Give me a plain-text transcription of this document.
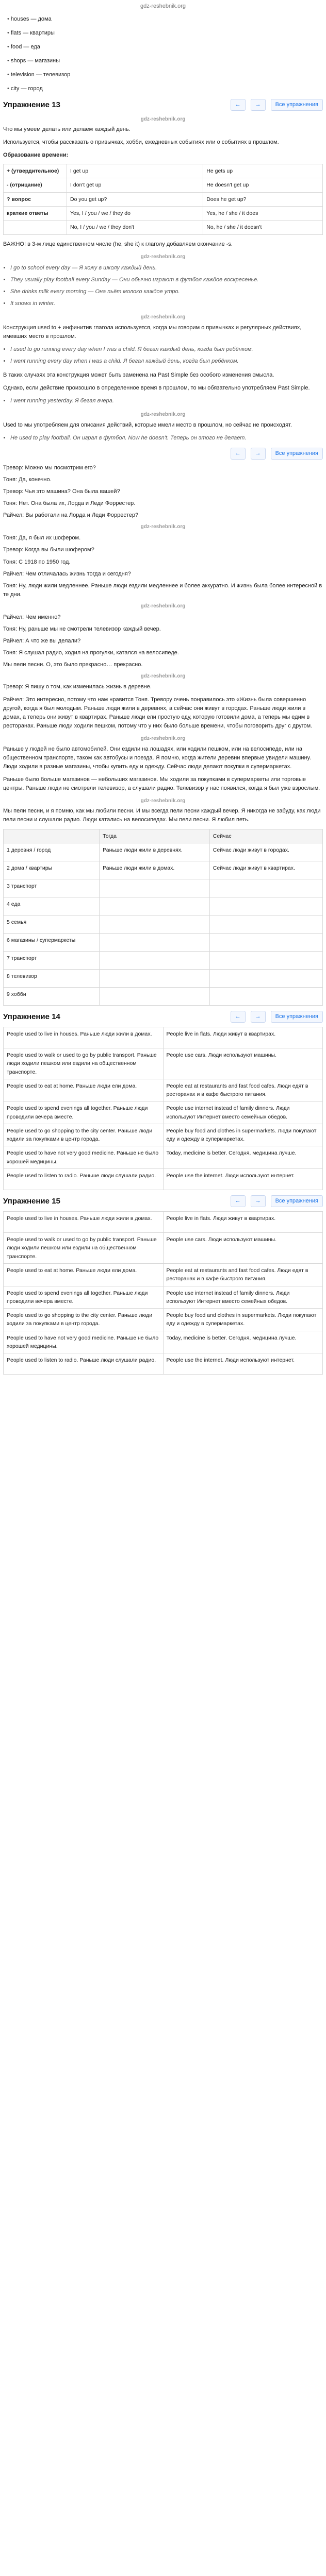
gdz-reshebnik.org
• houses — дома
• flats — квартиры
• food — еда
• shops — магазины
• television — телевизор
• city — город
Упражнение 13	←	→	Все упражнения
gdz-reshebnik.org

Что мы умеем делать или делаем каждый день.

Используется, чтобы рассказать о привычках, хобби, ежедневных событиях или о событиях в прошлом.

Образование времени:

+ (утвердительное)	I get up	He gets up
- (отрицание)	I don't get up	He doesn't get up
? вопрос	Do you get up?	Does he get up?
краткие ответы	Yes, I / you / we / they do	Yes, he / she / it does
	No, I / you / we / they don't	No, he / she / it doesn't

ВАЖНО! в 3-м лице единственном числе (he, she it) к глаголу добавляем окончание -s.

gdz-reshebnik.org
• I go to school every day — Я хожу в школу каждый день.
• They usually play football every Sunday — Они обычно играют в футбол каждое воскресенье.
• She drinks milk every morning — Она пьёт молоко каждое утро.
• It snows in winter.
gdz-reshebnik.org

Конструкция used to + инфинитив глагола используется, когда мы говорим о привычках и регулярных действиях, имевших место в прошлом.

• I used to go running every day when I was a child. Я бегал каждый день, когда был ребёнком.
• I went running every day when I was a child. Я бегал каждый день, когда был ребёнком.

В таких случаях эта конструкция может быть заменена на Past Simple без особого изменения смысла.

Однако, если действие произошло в определенное время в прошлом, то мы обязательно употребляем Past Simple.

• I went running yesterday. Я бегал вчера.
gdz-reshebnik.org

Used to мы употребляем для описания действий, которые имели место в прошлом, но сейчас не происходят.

• He used to play football. Он играл в футбол. Now he doesn't. Теперь он этого не делает.
←	→	Все упражнения

Тревор: Можно мы посмотрим его?

Тоня: Да, конечно.

Тревор: Чья это машина? Она была вашей?

Тоня: Нет. Она была их, Лорда и Леди Форрестер.

Райчел: Вы работали на Лорда и Леди Форрестер?

gdz-reshebnik.org

Тоня: Да, я был их шофером.

Тревор: Когда вы были шофером?

Тоня: С 1918 по 1950 год.

Райчел: Чем отличалась жизнь тогда и сегодня?

Тоня: Ну, люди жили медленнее. Раньше люди ездили медленнее и более аккуратно. И жизнь была более интересной в те дни.

gdz-reshebnik.org

Райчел: Чем именно?

Тоня: Ну, раньше мы не смотрели телевизор каждый вечер.

Райчел: А что же вы делали?

Тоня: Я слушал радио, ходил на прогулки, катался на велосипеде.

Мы пели песни. О, это было прекрасно… прекрасно.

gdz-reshebnik.org

Тревор: Я пишу о том, как изменилась жизнь в деревне.

Райчел: Это интересно, потому что нам нравится Тоня. Тревору очень понравилось это «Жизнь была совершенно другой, когда я был молодым. Раньше люди жили в деревнях, а сейчас они живут в городах. Раньше люди жили в домах, а теперь они живут в квартирах. Раньше люди ели простую еду, которую готовили дома, а теперь мы едим в ресторанах. Раньше люди ходили пешком, потому что у них было больше времени, чтобы поговорить друг с другом.

gdz-reshebnik.org

Раньше у людей не было автомобилей. Они ездили на лошадях, или ходили пешком, или на велосипеде, или на общественном транспорте, таком как автобусы и поезда. Я помню, когда жители деревни впервые увидели машину. Люди ходили в разные магазины, чтобы купить еду и одежду. Сейчас люди делают покупки в супермаркетах.

Раньше было больше магазинов — небольших магазинов. Мы ходили за покупками в супермаркеты или торговые центры. Раньше люди не смотрели телевизор, а слушали радио. Телевизор у нас появился, когда я был уже взрослым.

gdz-reshebnik.org

Мы пели песни, и я помню, как мы любили песни. И мы всегда пели песни каждый вечер. Я никогда не забуду, как люди пели песни и слушали радио. Люди катались на велосипедах. Мы пели песни. Я любил петь.

	Тогда	Сейчас
1 деревня / город	Раньше люди жили в деревнях.	Сейчас люди живут в городах.
2 дома / квартиры	Раньше люди жили в домах.	Сейчас люди живут в квартирах.
3 транспорт		
4 еда		
5 семья		
6 магазины / супермаркеты		
7 транспорт		
8 телевизор		
9 хобби		
Упражнение 14	←	→	Все упражнения
People used to live in houses. Раньше люди жили в домах.	People live in flats. Люди живут в квартирах.
People used to walk or used to go by public transport. Раньше люди ходили пешком или ездили на общественном транспорте.	People use cars. Люди используют машины.
People used to eat at home. Раньше люди ели дома.	People eat at restaurants and fast food cafes. Люди едят в ресторанах и в кафе быстрого питания.
People used to spend evenings all together. Раньше люди проводили вечера вместе.	People use internet instead of family dinners. Люди используют Интернет вместо семейных обедов.
People used to go shopping to the city center. Раньше люди ходили за покупками в центр города.	People buy food and clothes in supermarkets. Люди покупают еду и одежду в супермаркетах.
People used to have not very good medicine. Раньше не было хорошей медицины.	Today, medicine is better. Сегодня, медицина лучше.
People used to listen to radio. Раньше люди слушали радио.	People use the internet. Люди используют интернет.
Упражнение 15	←	→	Все упражнения
People used to live in houses. Раньше люди жили в домах.	People live in flats. Люди живут в квартирах.
People used to walk or used to go by public transport. Раньше люди ходили пешком или ездили на общественном транспорте.	People use cars. Люди используют машины.
People used to eat at home. Раньше люди ели дома.	People eat at restaurants and fast food cafes. Люди едят в ресторанах и в кафе быстрого питания.
People used to spend evenings all together. Раньше люди проводили вечера вместе.	People use internet instead of family dinners. Люди используют Интернет вместо семейных обедов.
People used to go shopping to the city center. Раньше люди ходили за покупками в центр города.	People buy food and clothes in supermarkets. Люди покупают еду и одежду в супермаркетах.
People used to have not very good medicine. Раньше не было хорошей медицины.	Today, medicine is better. Сегодня, медицина лучше.
People used to listen to radio. Раньше люди слушали радио.	People use the internet. Люди используют интернет.
